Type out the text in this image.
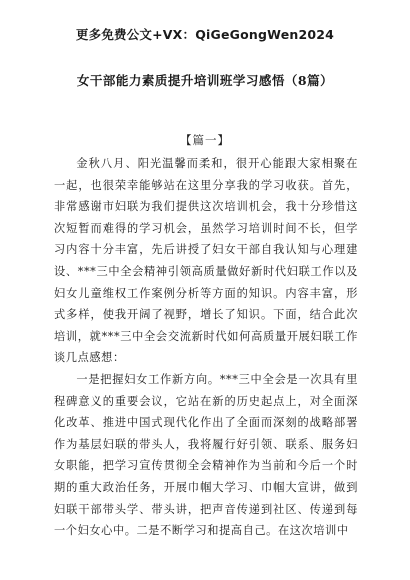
更多免费公文+VX：QiGeGongWen2024
女干部能力素质提升培训班学习感悟（8篇）
【篇一】

金秋八月、阳光温馨而柔和，很开心能跟大家相聚在一起，也很荣幸能够站在这里分享我的学习收获。首先，非常感谢市妇联为我们提供这次培训机会，我十分珍惜这次短暂而难得的学习机会，虽然学习培训时间不长，但学习内容十分丰富，先后讲授了妇女干部自我认知与心理建设、***三中全会精神引领高质量做好新时代妇联工作以及妇女儿童维权工作案例分析等方面的知识。内容丰富，形式多样，使我开阔了视野，增长了知识。下面，结合此次培训，就***三中全会交流新时代如何高质量开展妇联工作谈几点感想：

一是把握妇女工作新方向。***三中全会是一次具有里程碑意义的重要会议，它站在新的历史起点上，对全面深化改革、推进中国式现代化作出了全面而深刻的战略部署作为基层妇联的带头人，我将履行好引领、联系、服务妇女职能，把学习宣传贯彻全会精神作为当前和今后一个时期的重大政治任务，开展巾帼大学习、巾帼大宣讲，做到妇联干部带头学、带头讲，把声音传递到社区、传递到每一个妇女心中。二是不断学习和提高自己。在这次培训中
